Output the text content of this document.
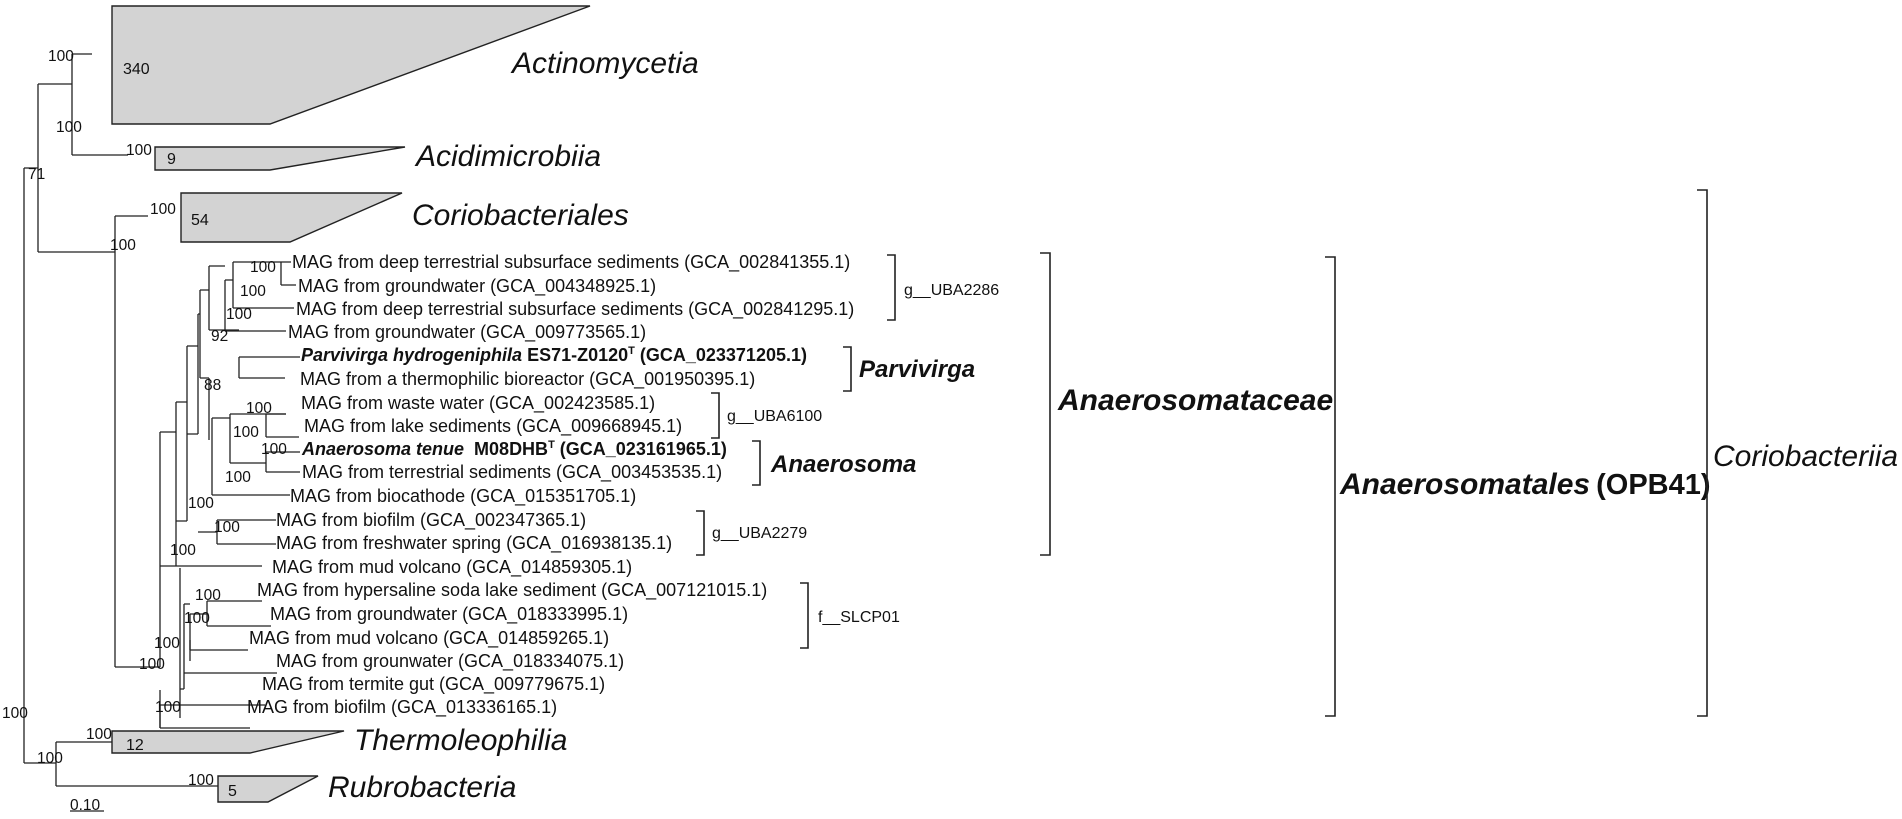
340
9
54
12
5
Actinomycetia
Acidimicrobiia
Coriobacteriales
Thermoleophilia
Rubrobacteria
100
100
100
100
100
71
100
100
100
100
100
92
88
100
100
100
100
100
100
100
100
100
100
100
100
100
100
MAG from deep terrestrial subsurface sediments (GCA_002841355.1)
MAG from groundwater (GCA_004348925.1)
MAG from deep terrestrial subsurface sediments (GCA_002841295.1)
MAG from groundwater (GCA_009773565.1)
Parvivirga hydrogeniphila $ES71-Z0120^T$ (GCA_023371205.1)
MAG from a thermophilic bioreactor (GCA_001950395.1)
MAG from waste water (GCA_002423585.1)
MAG from lake sediments (GCA_009668945.1)
Anaerosoma tenue $M08DHB^T$ (GCA_023161965.1)
MAG from terrestrial sediments (GCA_003453535.1)
MAG from biocathode (GCA_015351705.1)
MAG from biofilm (GCA_002347365.1)
MAG from freshwater spring (GCA_016938135.1)
MAG from mud volcano (GCA_014859305.1)
MAG from hypersaline soda lake sediment (GCA_007121015.1)
MAG from groundwater (GCA_018333995.1)
MAG from mud volcano (GCA_014859265.1)
MAG from grounwater (GCA_018334075.1)
MAG from termite gut (GCA_009779675.1)
MAG from biofilm (GCA_013336165.1)
g__UBA2286
Parvivirga
g__UBA6100
Anaerosoma
g__UBA2279
f__SLCP01
Anaerosomataceae
Anaerosomatales (OPB41)
Coriobacteriia
0.10
